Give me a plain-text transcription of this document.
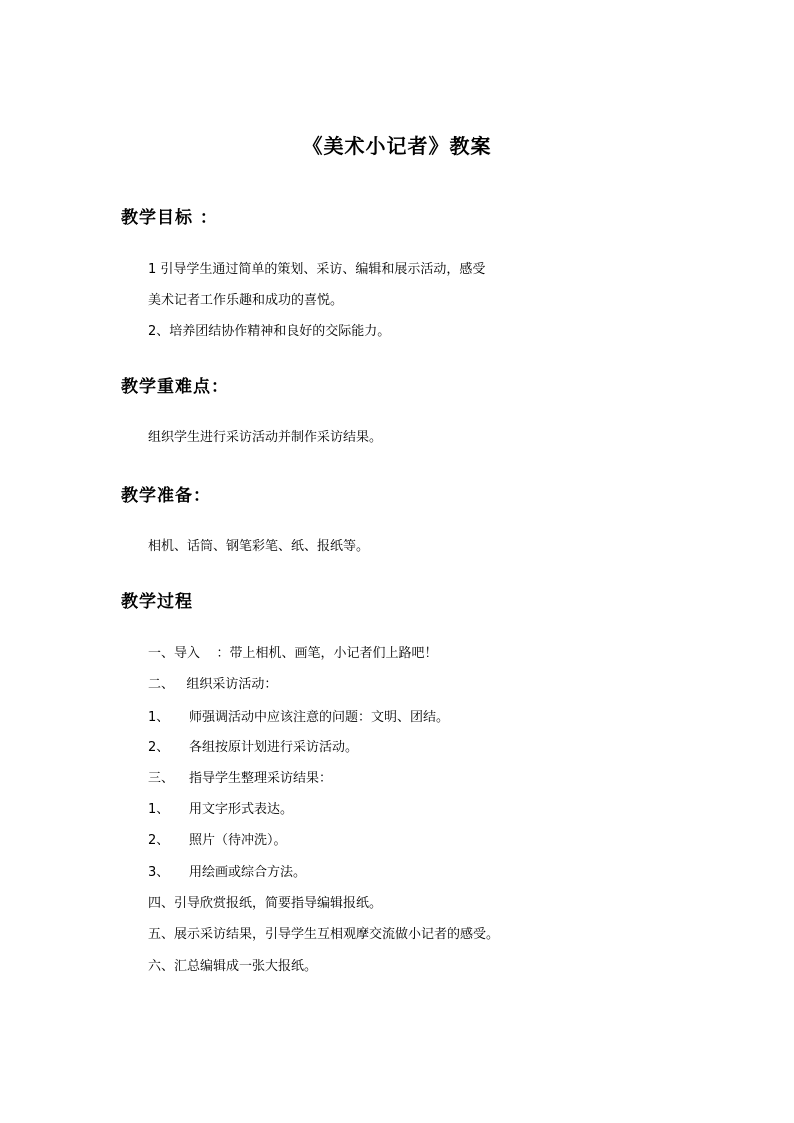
《美术小记者》教案
教学目标 ：
1 引导学生通过简单的策划、采访、编辑和展示活动，感受
美术记者工作乐趣和成功的喜悦。
2、培养团结协作精神和良好的交际能力。
教学重难点：
组织学生进行采访活动并制作采访结果。
教学准备：
相机、话筒、钢笔彩笔、纸、报纸等。
教学过程
一、导入    ：带上相机、画笔，小记者们上路吧！
二、   组织采访活动：
1、 师强调活动中应该注意的问题：文明、团结。
2、 各组按原计划进行采访活动。
三、 指导学生整理采访结果：
1、 用文字形式表达。
2、 照片（待冲洗）。
3、 用绘画或综合方法。
四、引导欣赏报纸，简要指导编辑报纸。
五、展示采访结果，引导学生互相观摩交流做小记者的感受。
六、汇总编辑成一张大报纸。
